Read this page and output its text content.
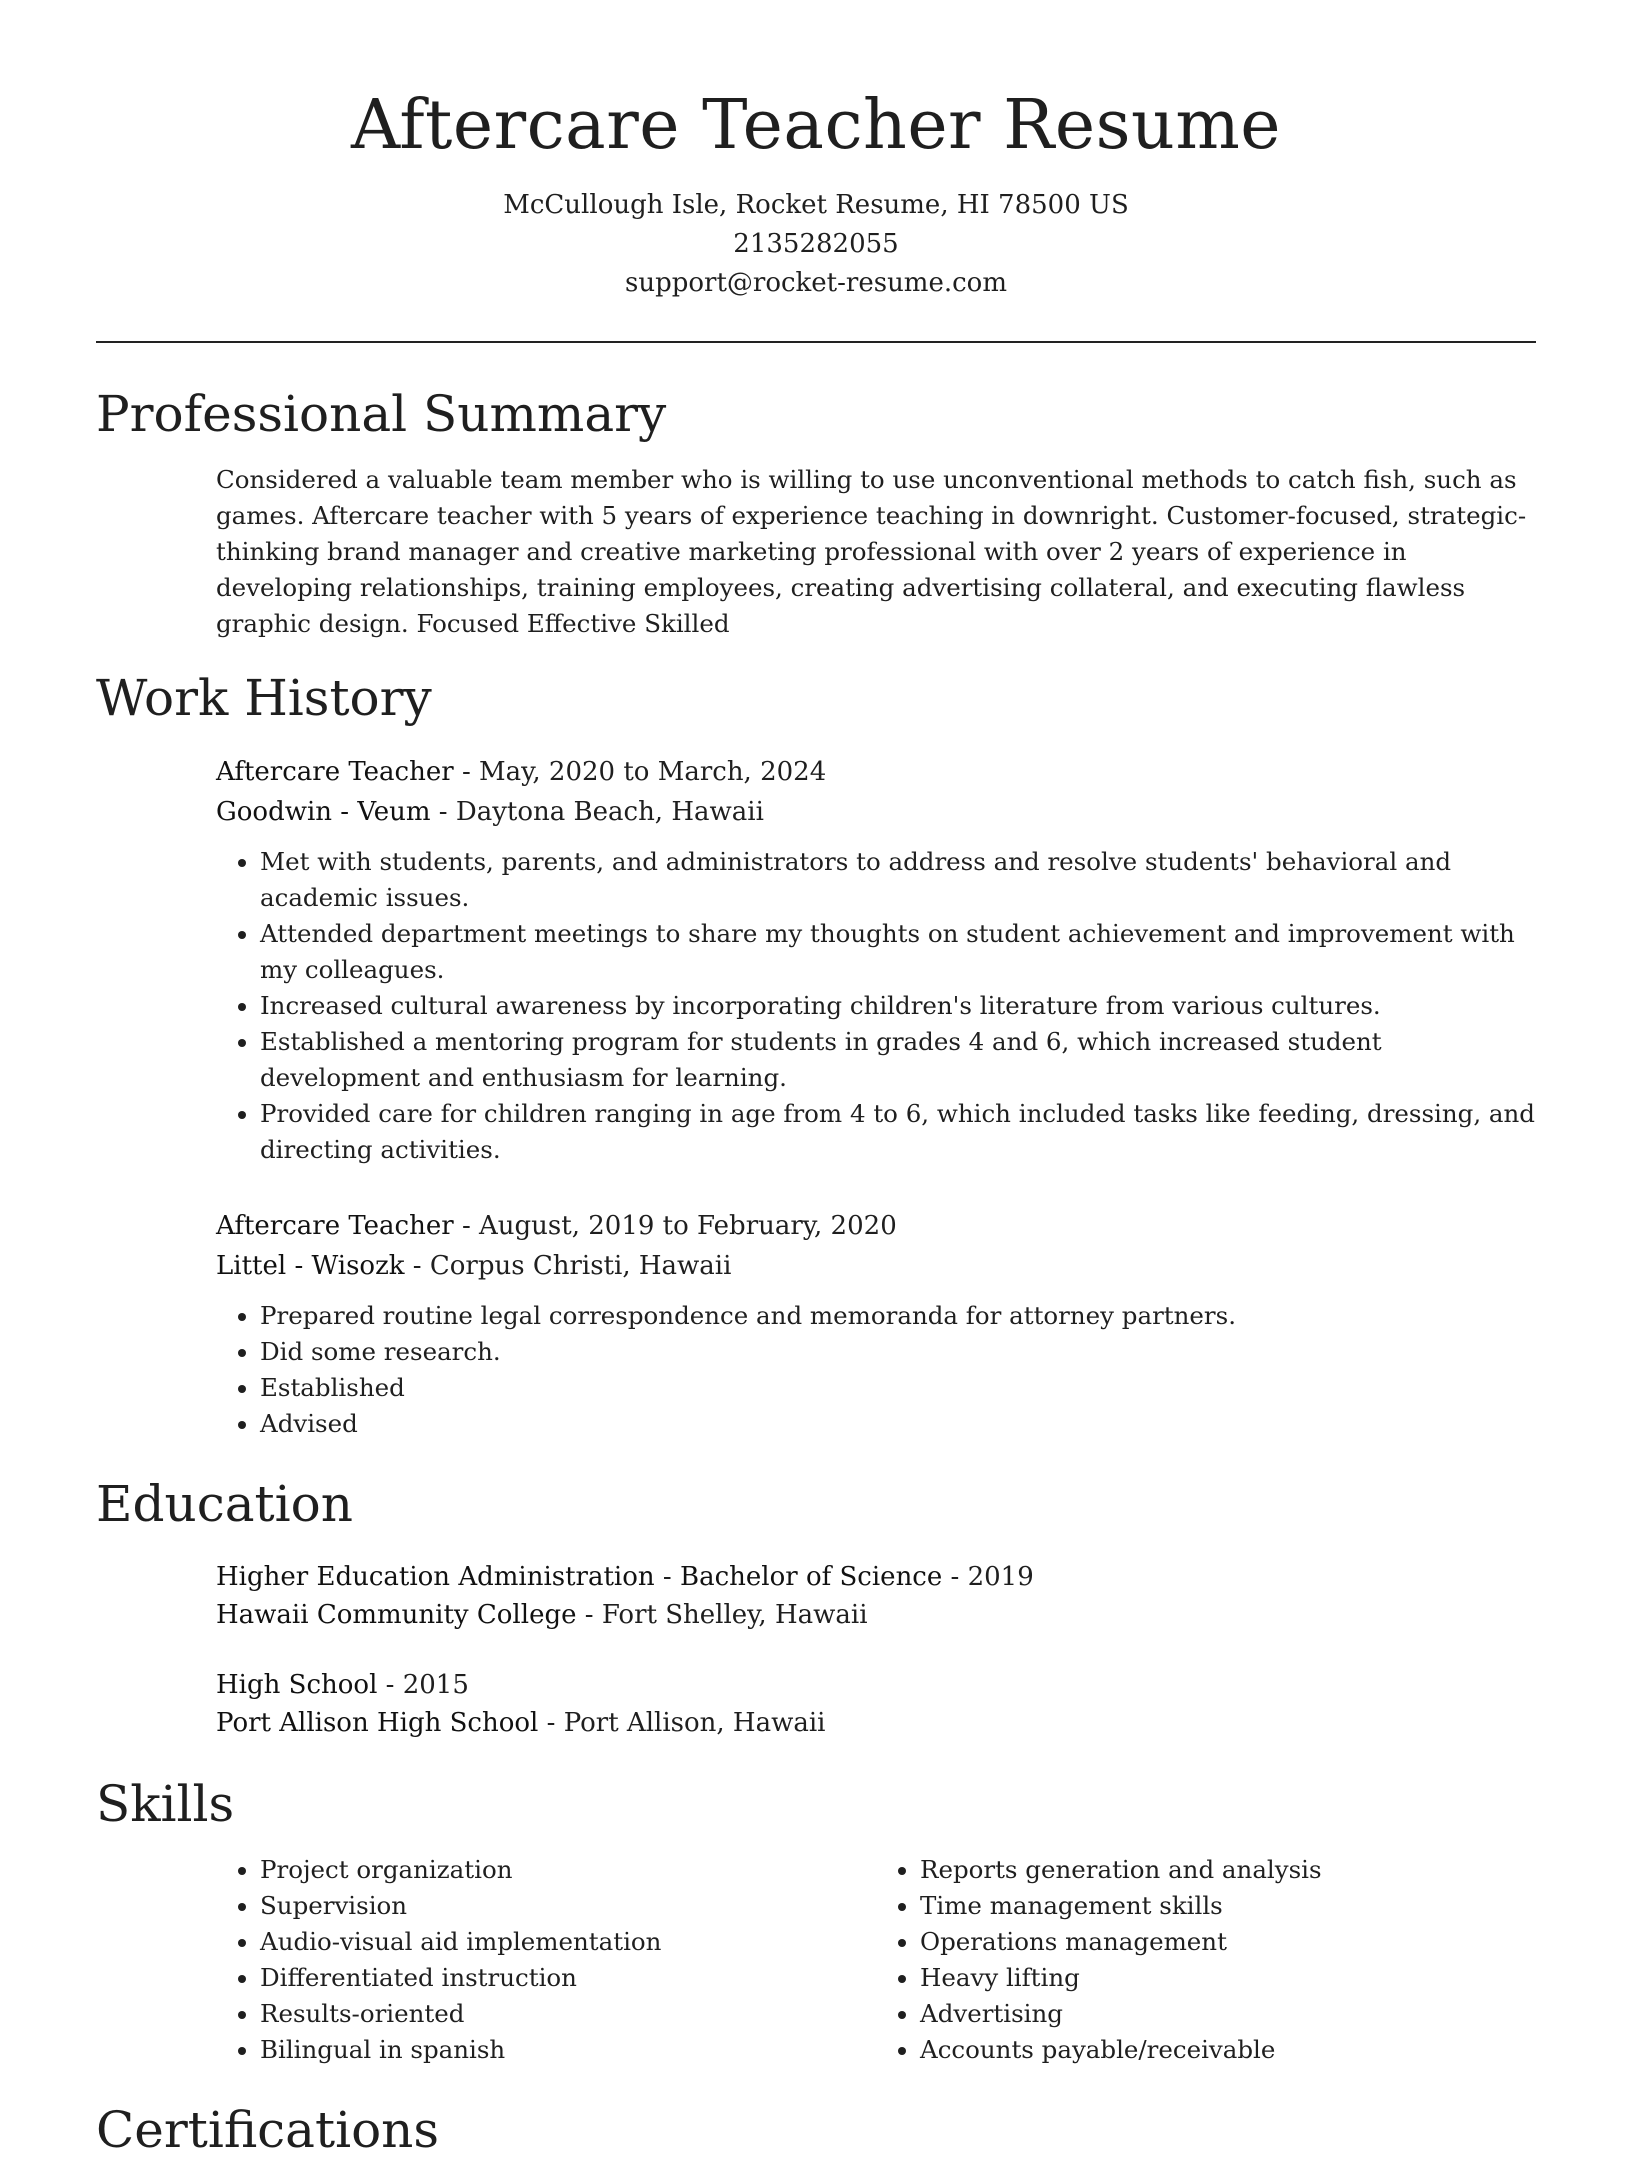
Aftercare Teacher Resume
McCullough Isle, Rocket Resume, HI 78500 US
2135282055
support@rocket-resume.com
Professional Summary
Considered a valuable team member who is willing to use unconventional methods to catch fish, such as games. Aftercare teacher with 5 years of experience teaching in downright. Customer-focused, strategic-thinking brand manager and creative marketing professional with over 2 years of experience in developing relationships, training employees, creating advertising collateral, and executing flawless graphic design. Focused Effective Skilled
Work History
Aftercare Teacher - May, 2020 to March, 2024
Goodwin - Veum - Daytona Beach, Hawaii
• Met with students, parents, and administrators to address and resolve students' behavioral and academic issues.
• Attended department meetings to share my thoughts on student achievement and improvement with my colleagues.
• Increased cultural awareness by incorporating children's literature from various cultures.
• Established a mentoring program for students in grades 4 and 6, which increased student development and enthusiasm for learning.
• Provided care for children ranging in age from 4 to 6, which included tasks like feeding, dressing, and directing activities.
Aftercare Teacher - August, 2019 to February, 2020
Littel - Wisozk - Corpus Christi, Hawaii
• Prepared routine legal correspondence and memoranda for attorney partners.
• Did some research.
• Established
• Advised
Education
Higher Education Administration - Bachelor of Science - 2019
Hawaii Community College - Fort Shelley, Hawaii
High School - 2015
Port Allison High School - Port Allison, Hawaii
Skills
• Project organization
• Supervision
• Audio-visual aid implementation
• Differentiated instruction
• Results-oriented
• Bilingual in spanish
• Reports generation and analysis
• Time management skills
• Operations management
• Heavy lifting
• Advertising
• Accounts payable/receivable
Certifications
